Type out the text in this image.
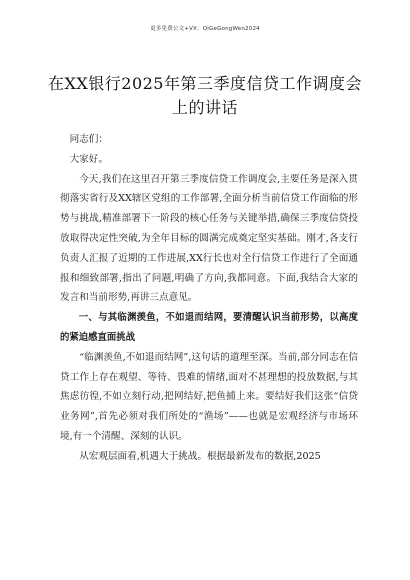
更多免费公文+VX：QiGeGongWen2024
在XX银行2025年第三季度信贷工作调度会上的讲话

同志们：

大家好。

今天,我们在这里召开第三季度信贷工作调度会,主要任务是深入贯彻落实省行及XX辖区党组的工作部署,全面分析当前信贷工作面临的形势与挑战,精准部署下一阶段的核心任务与关键举措,确保三季度信贷投放取得决定性突破,为全年目标的圆满完成奠定坚实基础。刚才,各支行负责人汇报了近期的工作进展,XX行长也对全行信贷工作进行了全面通报和细致部署,指出了问题,明确了方向,我都同意。下面,我结合大家的发言和当前形势,再讲三点意见。

一、与其临渊羡鱼，不如退而结网，要清醒认识当前形势，以高度的紧迫感直面挑战

“临渊羡鱼,不如退而结网”,这句话的道理至深。当前,部分同志在信贷工作上存在观望、等待、畏难的情绪,面对不甚理想的投放数据,与其焦虑彷徨,不如立刻行动,把网结好,把鱼捕上来。要结好我们这张“信贷业务网”,首先必须对我们所处的“渔场”——也就是宏观经济与市场环境,有一个清醒、深刻的认识。

从宏观层面看,机遇大于挑战。根据最新发布的数据,2025
